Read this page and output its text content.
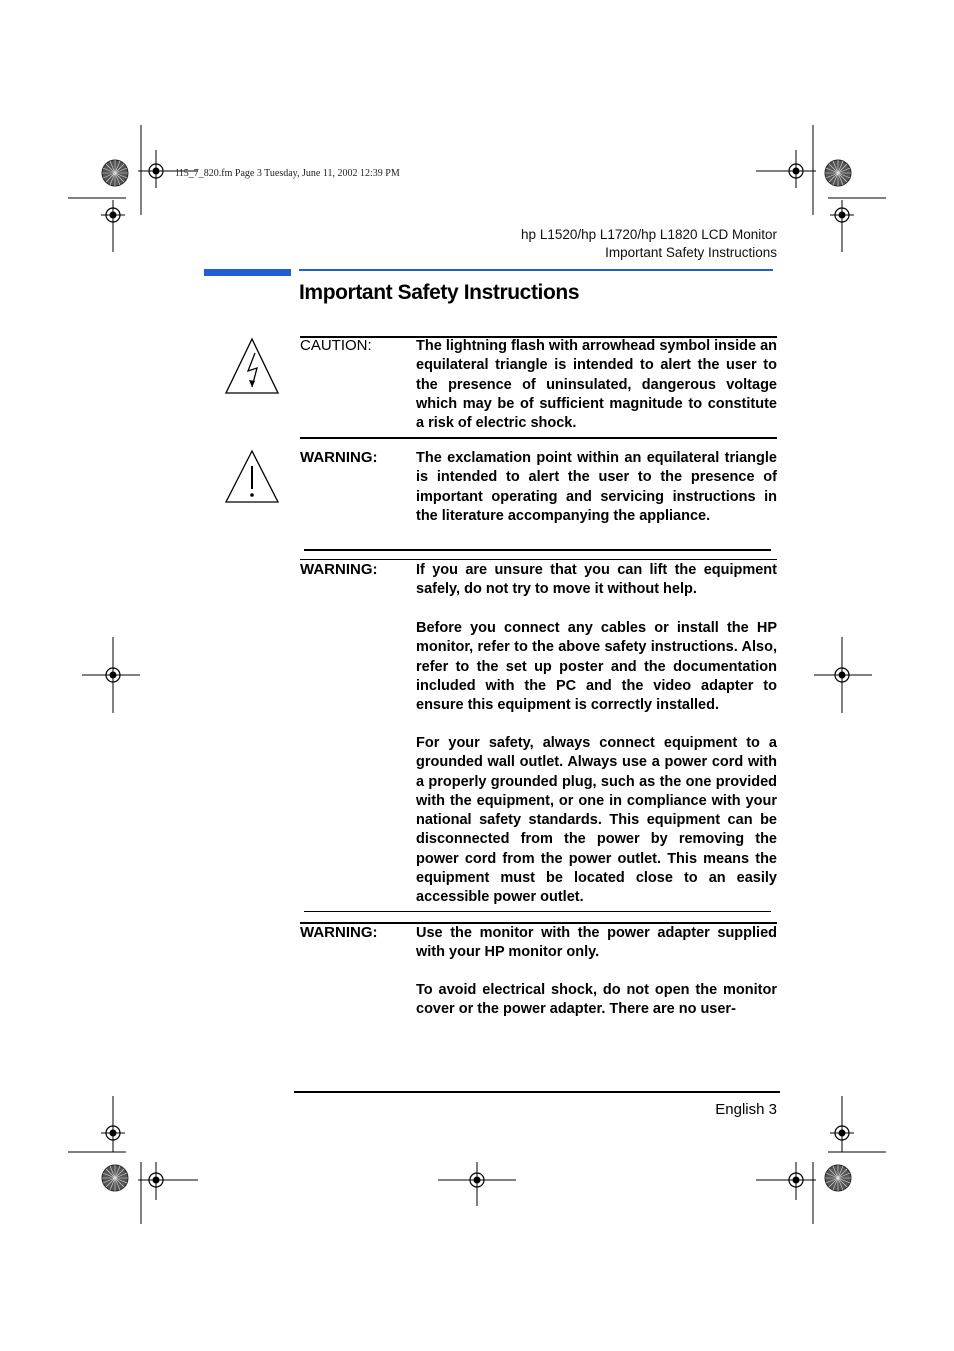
l15_7_820.fm Page 3 Tuesday, June 11, 2002 12:39 PM
hp L1520/hp L1720/hp L1820 LCD Monitor
Important Safety Instructions
Important Safety Instructions
CAUTION:	The lightning flash with arrowhead symbol inside an equilateral triangle is intended to alert the user to the presence of uninsulated, dangerous voltage which may be of sufficient magnitude to constitute a risk of electric shock.
WARNING:	The exclamation point within an equilateral triangle is intended to alert the user to the presence of important operating and servicing instructions in the literature accompanying the appliance.
WARNING:	If you are unsure that you can lift the equipment safely, do not try to move it without help.
Before you connect any cables or install the HP monitor, refer to the above safety instructions. Also, refer to the set up poster and the documentation included with the PC and the video adapter to ensure this equipment is correctly installed.
For your safety, always connect equipment to a grounded wall outlet. Always use a power cord with a properly grounded plug, such as the one provided with the equipment, or one in compliance with your national safety standards. This equipment can be disconnected from the power by removing the power cord from the power outlet. This means the equipment must be located close to an easily accessible power outlet.
WARNING:	Use the monitor with the power adapter supplied with your HP monitor only.
To avoid electrical shock, do not open the monitor cover or the power adapter. There are no user-
English 3
